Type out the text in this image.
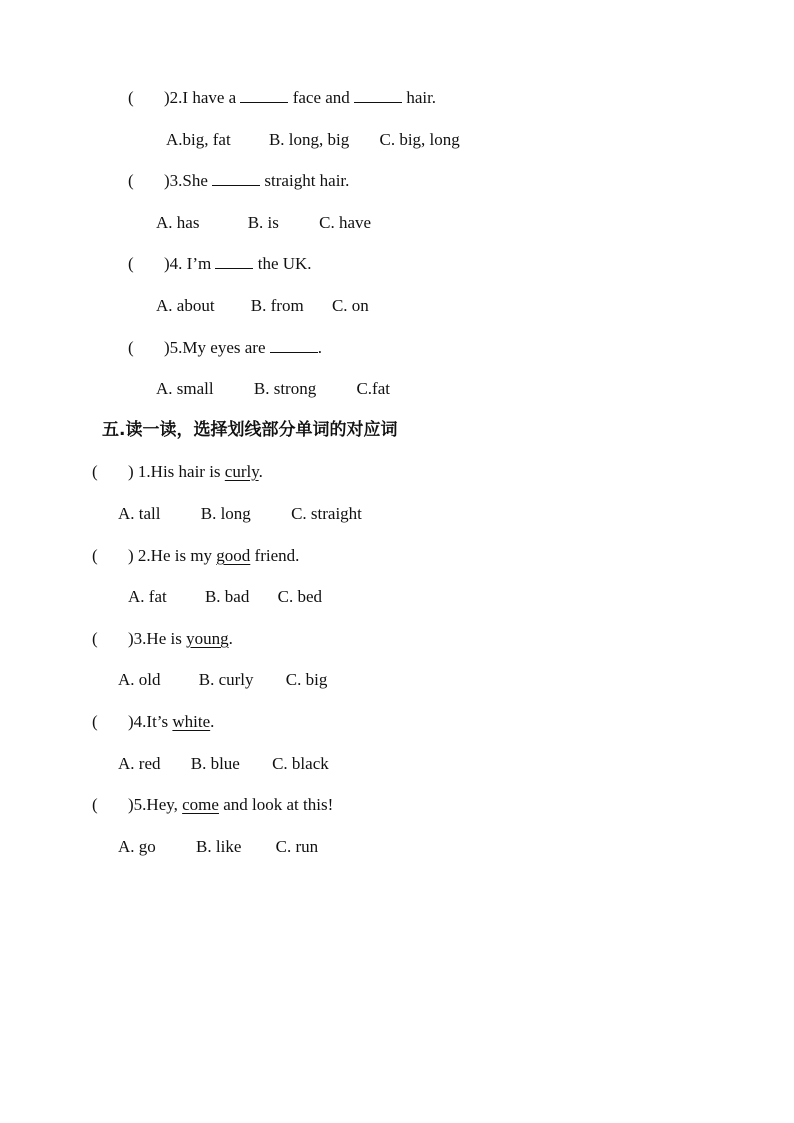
( )2.I have a	face and	hair.
A.big, fat B. long, big C. big, long
( )3.She	straight hair.
A. has	B. is C. have
( )4. I’m  the UK.
A. about B. from C. on
( )5.My eyes are	.
A. small B. strong C.fat
五.读一读，选择划线部分单词的对应词
( ) 1.His hair is curly.
A. tall B. long C. straight
( ) 2.He is my good friend.
A. fat B. bad C. bed
( )3.He is young.
A. old B. curly C. big
( )4.It’s white.
A. red B. blue C. black
( )5.Hey, come and look at this!
A. go B. like C. run
